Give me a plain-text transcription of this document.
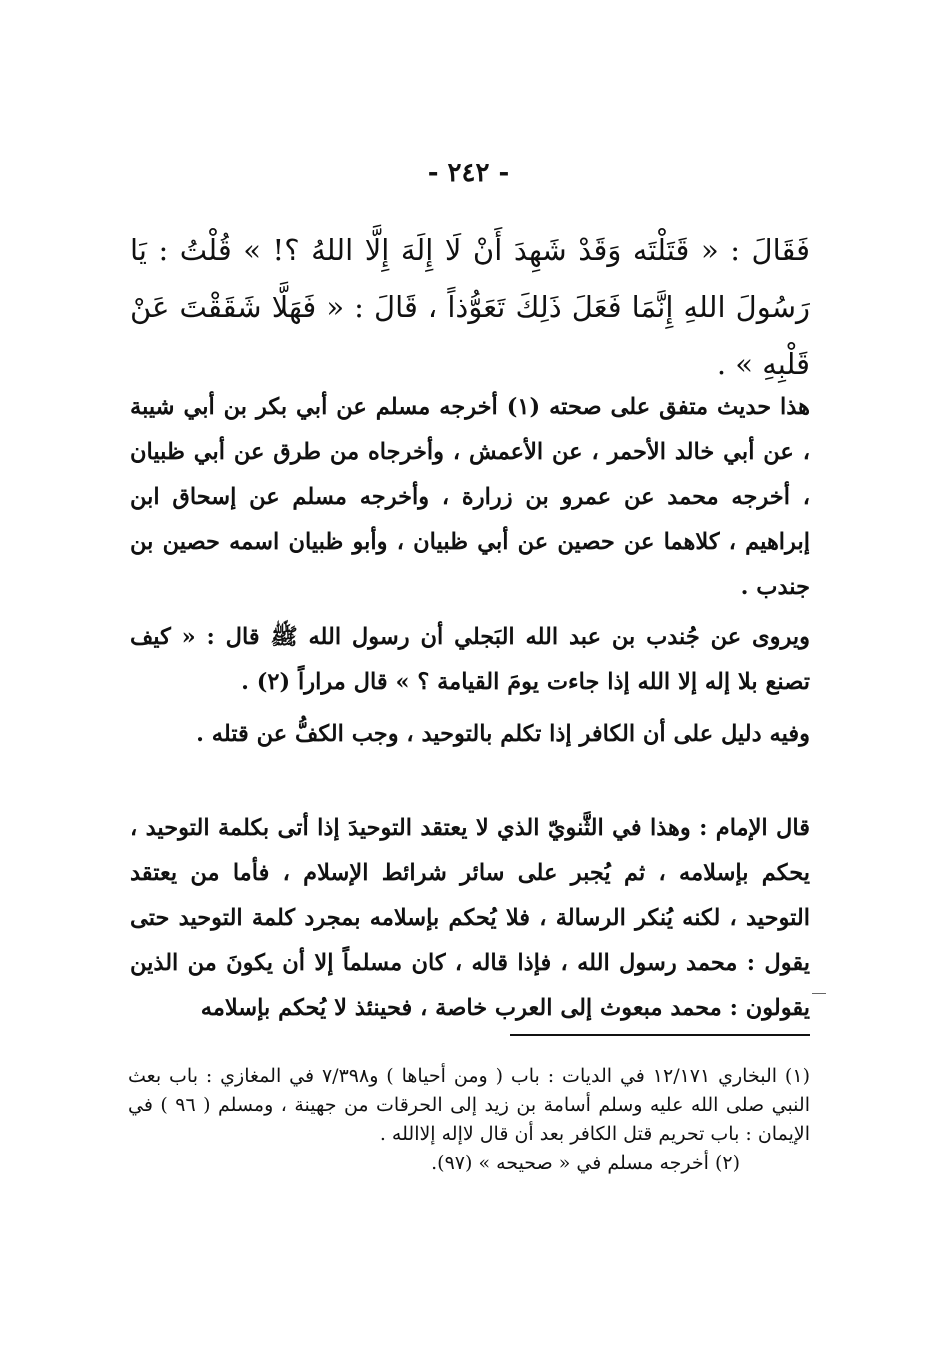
- ٢٤٢ -
فَقَالَ : « قَتَلْتَه وَقَدْ شَهِدَ أَنْ لَا إِلَهَ إِلَّا اللهُ ؟! » قُلْتُ : يَا رَسُولَ اللهِ إِنَّمَا فَعَلَ ذَلِكَ تَعَوُّذاً ، قَالَ : « فَهَلَّا شَقَقْتَ عَنْ قَلْبِهِ » .
هذا حديث متفق على صحته (١) أخرجه مسلم عن أبي بكر بن أبي شيبة ، عن أبي خالد الأحمر ، عن الأعمش ، وأخرجاه من طرق عن أبي ظبيان ، أخرجه محمد عن عمرو بن زرارة ، وأخرجه مسلم عن إسحاق ابن إبراهيم ، كلاهما عن حصين عن أبي ظبيان ، وأبو ظبيان اسمه حصين بن جندب .
ويروى عن جُندب بن عبد الله البَجلي أن رسول الله ﷺ قال : « كيف تصنع بلا إله إلا الله إذا جاءت يومَ القيامة ؟ » قال مراراً (٢) .
وفيه دليل على أن الكافر إذا تكلم بالتوحيد ، وجب الكفُّ عن قتله .
قال الإمام : وهذا في الثَّنويّ الذي لا يعتقد التوحيدَ إذا أتى بكلمة التوحيد ، يحكم بإسلامه ، ثم يُجبر على سائر شرائط الإسلام ، فأما من يعتقد التوحيد ، لكنه يُنكر الرسالة ، فلا يُحكم بإسلامه بمجرد كلمة التوحيد حتى يقول : محمد رسول الله ، فإذا قاله ، كان مسلماً إلا أن يكونَ من الذين يقولون : محمد مبعوث إلى العرب خاصة ، فحينئذ لا يُحكم بإسلامه

(١) البخاري ١٢/١٧١ في الديات : باب ( ومن أحياها ) و٧/٣٩٨ في المغازي : باب بعث النبي صلى الله عليه وسلم أسامة بن زيد إلى الحرقات من جهينة ، ومسلم ( ٩٦ ) في الإيمان : باب تحريم قتل الكافر بعد أن قال لاإله إلاالله .

(٢) أخرجه مسلم في « صحيحه » (٩٧).
